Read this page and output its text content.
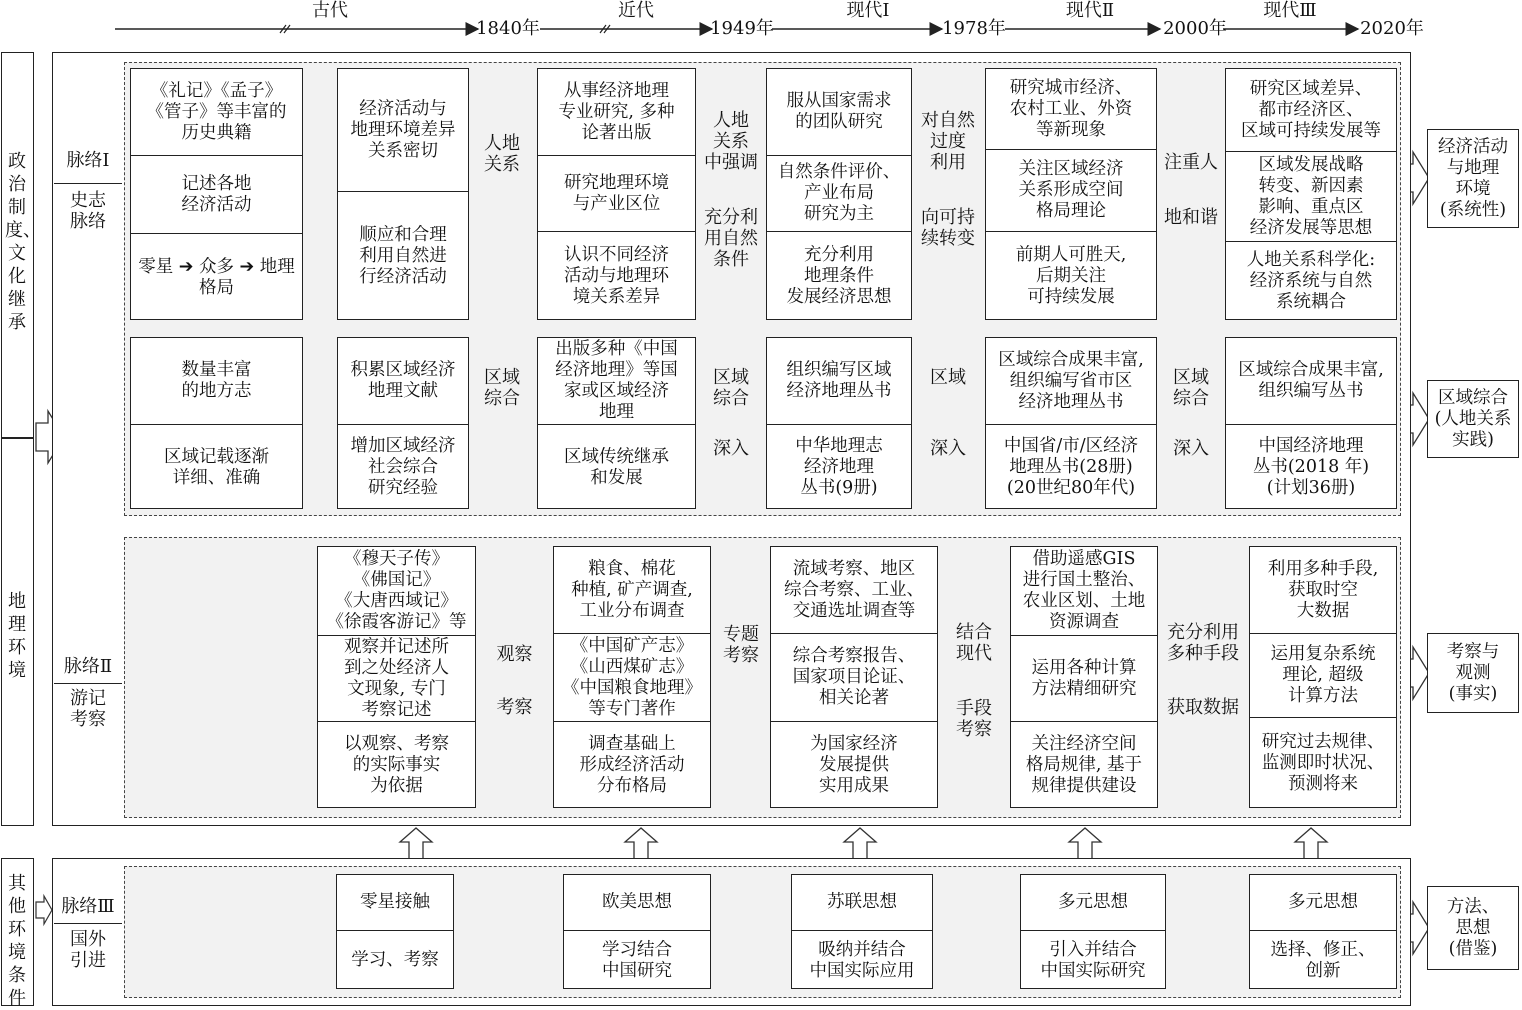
古代	近代	现代Ⅰ	现代Ⅱ	现代Ⅲ
1840年	1949年	1978年	2000年	2020年
政治制度、文化继承
地理环境
其他环境条件
脉络Ⅰ
史志
脉络
脉络Ⅱ
游记
考察
脉络Ⅲ
国外
引进
《礼记》《孟子》
《管子》等丰富的
历史典籍
记述各地
经济活动
零星 ➔ 众多 ➔ 地理
格局
经济活动与
地理环境差异
关系密切
顺应和合理
利用自然进
行经济活动
从事经济地理
专业研究, 多种
论著出版
研究地理环境
与产业区位
认识不同经济
活动与地理环
境关系差异
服从国家需求
的团队研究
自然条件评价、
产业布局
研究为主
充分利用
地理条件
发展经济思想
研究城市经济、
农村工业、外资
等新现象
关注区域经济
关系形成空间
格局理论
前期人可胜天,
后期关注
可持续发展
研究区域差异、
都市经济区、
区域可持续发展等
区域发展战略
转变、新因素
影响、重点区
经济发展等思想
人地关系科学化:
经济系统与自然
系统耦合
人地
关系
人地
关系
中强调
充分利
用自然
条件
对自然
过度
利用
向可持
续转变
注重人
地和谐
经济活动
与地理
环境
(系统性)
数量丰富
的地方志
区域记载逐渐
详细、准确
积累区域经济
地理文献
增加区域经济
社会综合
研究经验
出版多种《中国
经济地理》等国
家或区域经济
地理
区域传统继承
和发展
组织编写区域
经济地理丛书
中华地理志
经济地理
丛书(9册)
区域综合成果丰富,
组织编写省市区
经济地理丛书
中国省/市/区经济
地理丛书(28册)
(20世纪80年代)
区域综合成果丰富,
组织编写丛书
中国经济地理
丛书(2018 年)
(计划36册)
区域
综合
区域
综合
深入
区域
深入
区域
综合
深入
区域综合
(人地关系
实践)
《穆天子传》
《佛国记》
《大唐西域记》
《徐霞客游记》等
观察并记述所
到之处经济人
文现象, 专门
考察记述
以观察、考察
的实际事实
为依据
粮食、棉花
种植, 矿产调查,
工业分布调查
《中国矿产志》
《山西煤矿志》
《中国粮食地理》
等专门著作
调查基础上
形成经济活动
分布格局
流域考察、地区
综合考察、工业、
交通选址调查等
综合考察报告、
国家项目论证、
相关论著
为国家经济
发展提供
实用成果
借助遥感GIS
进行国土整治、
农业区划、土地
资源调查
运用各种计算
方法精细研究
关注经济空间
格局规律, 基于
规律提供建设
利用多种手段,
获取时空
大数据
运用复杂系统
理论, 超级
计算方法
研究过去规律、
监测即时状况、
预测将来
观察
考察
专题
考察
结合
现代
手段
考察
充分利用
多种手段
获取数据
考察与
观测
(事实)
零星接触
学习、考察
欧美思想
学习结合
中国研究
苏联思想
吸纳并结合
中国实际应用
多元思想
引入并结合
中国实际研究
多元思想
选择、修正、
创新
方法、
思想
(借鉴)
